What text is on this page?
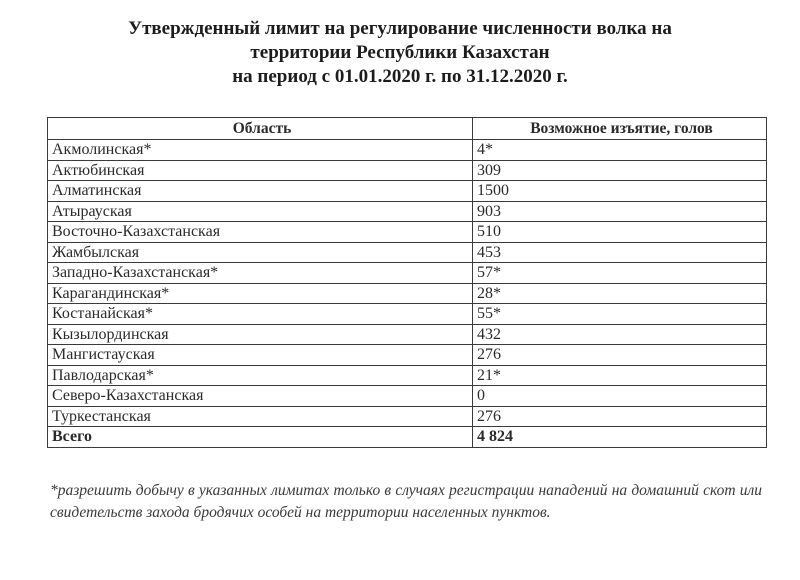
Утвержденный лимит на регулирование численности волка на
территории Республики Казахстан
на период с 01.01.2020 г. по 31.12.2020 г.
Область	Возможное изъятие, голов
Акмолинская*	4*
Актюбинская	309
Алматинская	1500
Атырауская	903
Восточно-Казахстанская	510
Жамбылская	453
Западно-Казахстанская*	57*
Карагандинская*	28*
Костанайская*	55*
Кызылординская	432
Мангистауская	276
Павлодарская*	21*
Северо-Казахстанская	0
Туркестанская	276
Всего	4 824
*разрешить добычу в указанных лимитах только в случаях регистрации нападений на домашний скот или свидетельств захода бродячих особей на территории населенных пунктов.
